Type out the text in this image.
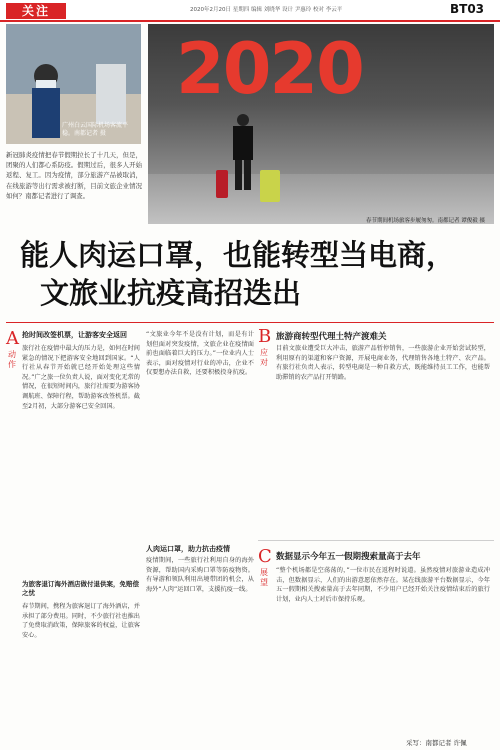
关注	2020年2月20日 星期四 编辑 刘晓华 设计 尹惠玲 校对 李云平	BT03
广州白云国际机场客流平稳。南都记者 摄
新冠肺炎疫情把春节假期拉长了十几天，但是，团聚的人们都心系防疫。假期过后，很多人开始返程、复工。因为疫情，部分旅游产品被取消，在线旅游等出行需求被打断，目前文旅企业情况如何？南都记者进行了调查。
2020
春节期间机场旅客步履匆匆。南都记者 谭俊毅 摄
能人肉运口罩，也能转型当电商，
文旅业抗疫高招迭出
A
动作
抢时间改签机票，让游客安全返回
旅行社在疫情中最大的压力是，如何在时间紧急的情况下把游客安全地回到国家。“人行社从春节开始就已经开始处理这些情况。”广之旅一位负责人说，面对变化无常的情况，在很短时间内，旅行社需要为游客协调航班、保障行程，帮助游客改签机票。截至2月初，大部分游客已安全回国。
为旅客退订海外酒店做付退供案，免赔偿之忧
春节期间，携程为旅客退订了海外酒店，并承担了部分费用。同时，不少旅行社也推出了免费取消政策，保障旅客的权益，让旅客安心。
“文旅业今年不是没有计划，而是有计划但面对突发疫情，文旅企业在疫情面前也面临着巨大的压力。”一位业内人士表示，面对疫情对行业的冲击，企业不仅要想办法自救，还要积极投身抗疫。
人肉运口罩，助力抗击疫情
疫情期间，一些旅行社利用自身的海外资源，帮助国内采购口罩等防疫物资。有导游和领队利用出境带团的机会，从海外“人肉”运回口罩，支援抗疫一线。
B
应对
旅游商转型代理土特产渡难关
目前文旅业遭受巨大冲击，旅游产品暂停销售，一些旅游企业开始尝试转型，利用原有的渠道和客户资源，开展电商业务，代理销售各地土特产、农产品。有旅行社负责人表示，转型电商是一种自救方式，既能维持员工工作，也能帮助滞销的农产品打开销路。
C
展望
数据显示今年五一假期搜索量高于去年
“整个机场都是空荡荡的，”一位市民在返程时说道。虽然疫情对旅游业造成冲击，但数据显示，人们的出游意愿依然存在。某在线旅游平台数据显示，今年五一假期相关搜索量高于去年同期，不少用户已经开始关注疫情结束后的旅行计划，业内人士对后市保持乐观。
采写：南都记者 许佩
